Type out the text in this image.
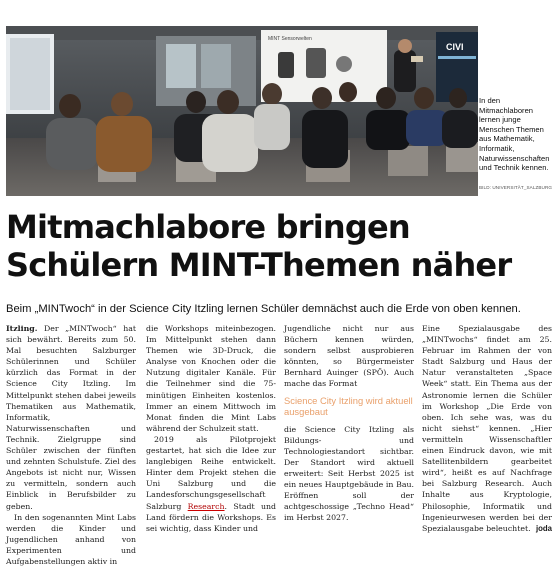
MINT Sensorwelten
CIVI
In den Mitmachlaboren lernen junge Menschen Themen aus Mathematik, Informatik, Naturwissenschaften und Technik kennen.
BILD: UNIVERSITÄT_SALZBURG
Mitmachlabore bringen
Schülern MINT-Themen näher
Beim „MINTwoch“ in der Science City Itzling lernen Schüler demnächst auch die Erde von oben kennen.

Itzling. Der „MINTwoch“ hat sich bewährt. Bereits zum 50. Mal besuchten Salzburger Schülerinnen und Schüler kürzlich das Format in der Science City Itzling. Im Mittelpunkt stehen dabei jeweils Thematiken aus Mathematik, Informatik, Naturwissenschaften und Technik. Zielgruppe sind Schüler zwischen der fünften und zehnten Schulstufe. Ziel des Angebots ist nicht nur, Wissen zu vermitteln, sondern auch Einblick in Berufsbilder zu geben.

In den sogenannten Mint Labs werden die Kinder und Jugendlichen anhand von Experimenten und Aufgabenstellungen aktiv in

die Workshops miteinbezogen. Im Mittelpunkt stehen dann Themen wie 3D-Druck, die Analyse von Knochen oder die Nutzung digitaler Kanäle. Für die Teilnehmer sind die 75-minütigen Einheiten kostenlos. Immer an einem Mittwoch im Monat finden die Mint Labs während der Schulzeit statt.

2019 als Pilotprojekt gestartet, hat sich die Idee zur langlebigen Reihe entwickelt. Hinter dem Projekt stehen die Uni Salzburg und die Landesforschungsgesellschaft Salzburg Research. Stadt und Land fördern die Workshops. Es sei wichtig, dass Kinder und

Jugendliche nicht nur aus Büchern kennen würden, sondern selbst ausprobieren könnten, so Bürgermeister Bernhard Auinger (SPÖ). Auch mache das Format

Science City Itzling wird aktuell ausgebaut

die Science City Itzling als Bildungs- und Technologiestandort sichtbar. Der Standort wird aktuell erweitert: Seit Herbst 2025 ist ein neues Hauptgebäude in Bau. Eröffnen soll der achtgeschossige „Techno Head“ im Herbst 2027.

Eine Spezialausgabe des „MINTwochs“ findet am 25. Februar im Rahmen der von Stadt Salzburg und Haus der Natur veranstalteten „Space Week“ statt. Ein Thema aus der Astronomie lernen die Schüler im Workshop „Die Erde von oben. Ich sehe was, was du nicht siehst“ kennen. „Hier vermitteln Wissenschaftler einen Eindruck davon, wie mit Satellitenbildern gearbeitet wird“, heißt es auf Nachfrage bei Salzburg Research. Auch Inhalte aus Kryptologie, Philosophie, Informatik und Ingenieurwesen werden bei der Spezialausgabe beleuchtet. joda
